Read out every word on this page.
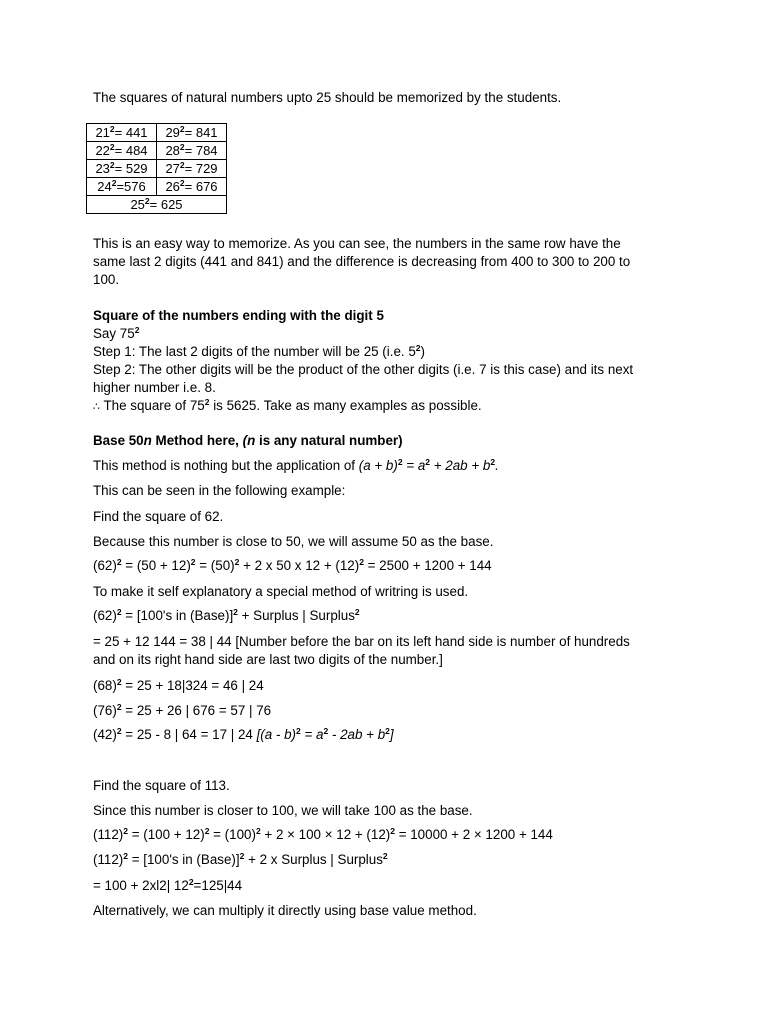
The squares of natural numbers upto 25 should be memorized by the students.
$21^2= 441$	$29^2= 841$
$22^2= 484$	$28^2= 784$
$23^2= 529$	$27^2= 729$
$24^2=576$	$26^2= 676$
$25^2= 625$	
This is an easy way to memorize. As you can see, the numbers in the same row have the
same last 2 digits (441 and 841) and the difference is decreasing from 400 to 300 to 200 to
100.
Square of the numbers ending with the digit 5
Say $75^2$
Step 1: The last 2 digits of the number will be 25 (i.e. $5^2$)
Step 2: The other digits will be the product of the other digits (i.e. 7 is this case) and its next
higher number i.e. 8.
∴ The square of $75^2$ is 5625. Take as many examples as possible.
Base 50n Method here, (n is any natural number)
This method is nothing but the application of $(a + b)^2 = a^2 + 2ab + b^2$.
This can be seen in the following example:
Find the square of 62.
Because this number is close to 50, we will assume 50 as the base.
$(62)^2 = (50 + 12)^2 = (50)^2 + 2$ x 50 x $12 + (12)^2 = 2500 + 1200 + 144$
To make it self explanatory a special method of writring is used.
$(62)^2 = [100's$ in (Base)]$^2$ + Surplus | Surplus$^2$
= 25 + 12 144 = 38 | 44 [Number before the bar on its left hand side is number of hundreds
and on its right hand side are last two digits of the number.]
$(68)^2 = 25 + 18|324 = 46$ | 24
$(76)^2 = 25 + 26$ | 676 = 57 | 76
$(42)^2 = 25 - 8$ | 64 = 17 | 24 $[(a - b)^2 = a^2 - 2ab + b^2]$
Find the square of 113.
Since this number is closer to 100, we will take 100 as the base.
$(112)^2 = (100 + 12)^2 = (100)^2 + 2 \times 100 \times 12 + (12)^2 = 10000 + 2 \times 1200 + 144$
$(112)^2 = [100's$ in (Base)]$^2$ + 2 x Surplus | Surplus$^2$
= 100 + 2xl2| $12^2=125|44$
Alternatively, we can multiply it directly using base value method.
